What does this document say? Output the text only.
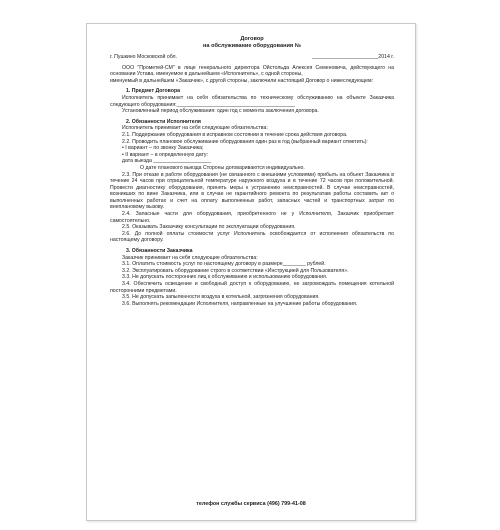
Договор

на обслуживание оборудования №

г. Пушкино Московской обл.	_______________________2014 г.

ООО "Прометей-СМ" в лице генерального директора Ойстольда Алексея Семеновича, действующего на основании Устава, именуемое в дальнейшем «Исполнитель», с одной стороны,

именуемый в дальнейшем «Заказчик», с другой стороны, заключили настоящий Договор о нижеследующем:

1. Предмет Договора

Исполнитель принимает на себя обязательства по техническому обслуживанию на объекте Заказчика следующего оборудования:_________________________________________

Установленный период обслуживания: один год с момента заключения договора.

2. Обязанности Исполнителя

Исполнитель принимает на себя следующие обязательства:

2.1. Поддержание оборудования в исправном состоянии в течение срока действия договора.

2.2. Проводить плановое обслуживание оборудования один раз в год (выбранный вариант отметить):

• I вариант – по звонку Заказчика;

• II вариант – в определенную дату:

дата выезда ____________________

О дате планового выезда Стороны договариваются индивидуально.

2.3. При отказе в работе оборудования (не связанного с внешними условиями) прибыть на объект Заказчика в течение 24 часов при отрицательной температуре наружного воздуха и в течение 72 часов при положительной. Провести диагностику оборудования, принять меры к устранению неисправностей. В случае неисправностей, возникших по вине Заказчика, или в случае не гарантийного ремонта по результатам работы составить акт о выполненных работах и счет на оплату выполненных работ, запасных частей и транспортных затрат по внеплановому вызову.

2.4. Запасные части для оборудования, приобретенного не у Исполнителя, Заказчик приобретает самостоятельно.

2.5. Оказывать Заказчику консультации по эксплуатации оборудования.

2.6. До полной оплаты стоимости услуг Исполнитель освобождается от исполнения обязательств по настоящему договору.

3. Обязанности Заказчика

Заказчик принимает на себя следующие обязательства:

3.1. Оплатить стоимость услуг по настоящему договору в размере________ рублей.

3.2. Эксплуатировать оборудование строго в соответствии «Инструкцией для Пользователя».

3.3. Не допускать посторонних лиц к обслуживанию и использованию оборудования.

3.4. Обеспечить освещение и свободный доступ к оборудованию, не загромождать помещения котельной посторонними предметами.

3.5. Не допускать запыленности воздуха в котельной, загрязнения оборудования.

3.6. Выполнять рекомендации Исполнителя, направленные на улучшение работы оборудования.

телефон службы сервиса (496) 799-41-08
